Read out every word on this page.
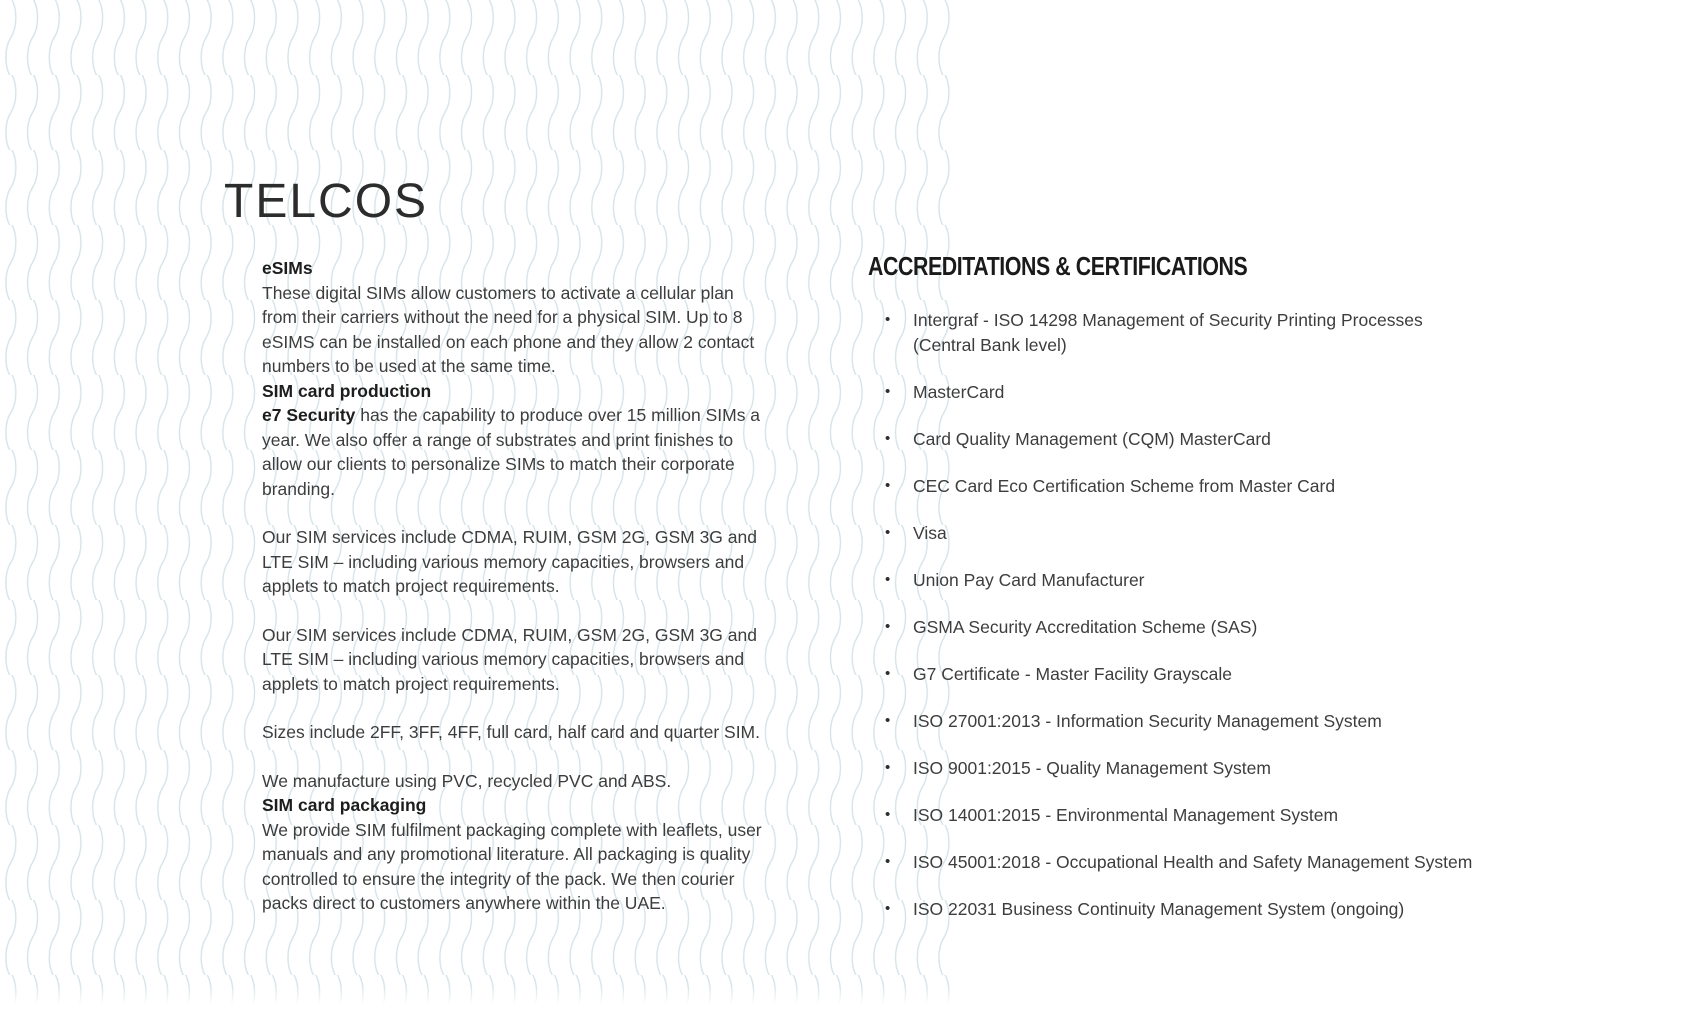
TELCOS
eSIMs

These digital SIMs allow customers to activate a cellular plan from their carriers without the need for a physical SIM. Up to 8 eSIMS can be installed on each phone and they allow 2 contact numbers to be used at the same time.

SIM card production

e7 Security has the capability to produce over 15 million SIMs a year. We also offer a range of substrates and print finishes to allow our clients to personalize SIMs to match their corporate branding.

Our SIM services include CDMA, RUIM, GSM 2G, GSM 3G and LTE SIM – including various memory capacities, browsers and applets to match project requirements.

Our SIM services include CDMA, RUIM, GSM 2G, GSM 3G and LTE SIM – including various memory capacities, browsers and applets to match project requirements.

Sizes include 2FF, 3FF, 4FF, full card, half card and quarter SIM.

We manufacture using PVC, recycled PVC and ABS.

SIM card packaging

We provide SIM fulfilment packaging complete with leaflets, user manuals and any promotional literature. All packaging is quality controlled to ensure the integrity of the pack. We then courier packs direct to customers anywhere within the UAE.

ACCREDITATIONS & CERTIFICATIONS
•	Intergraf - ISO 14298 Management of Security Printing Processes (Central Bank level)
•	MasterCard
•	Card Quality Management (CQM) MasterCard
•	CEC Card Eco Certification Scheme from Master Card
•	Visa
•	Union Pay Card Manufacturer
•	GSMA Security Accreditation Scheme (SAS)
•	G7 Certificate - Master Facility Grayscale
•	ISO 27001:2013 - Information Security Management System
•	ISO 9001:2015 - Quality Management System
•	ISO 14001:2015 - Environmental Management System
•	ISO 45001:2018 - Occupational Health and Safety Management System
•	ISO 22031 Business Continuity Management System (ongoing)
